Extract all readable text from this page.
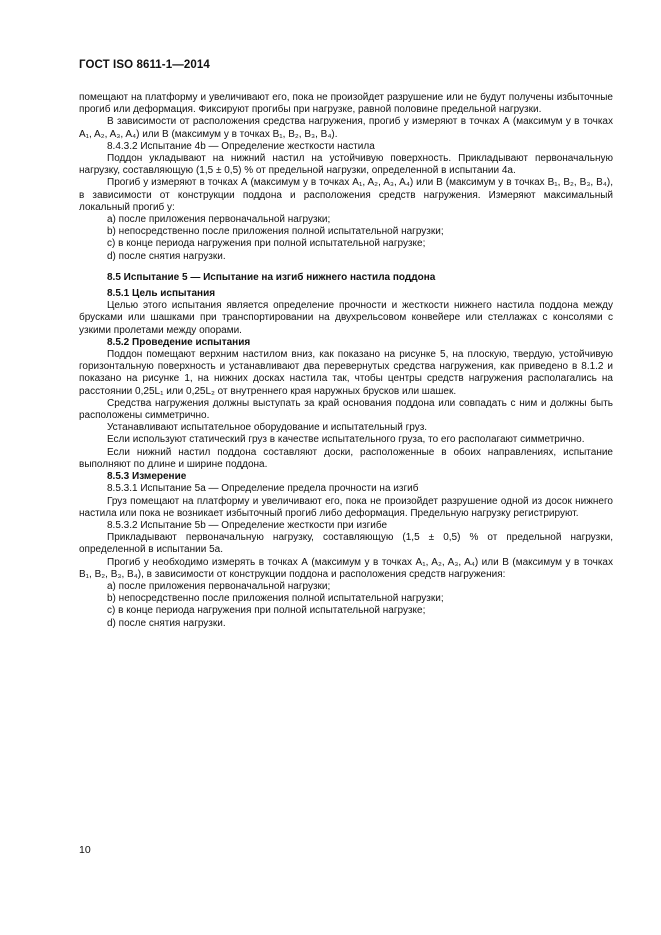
ГОСТ ISO 8611-1—2014

помещают на платформу и увеличивают его, пока не произойдет разрушение или не будут получены избыточные прогиб или деформация. Фиксируют прогибы при нагрузке, равной половине предельной нагрузки.

В зависимости от расположения средства нагружения, прогиб y измеряют в точках А (максимум y в точках A₁, A₂, A₃, A₄) или В (максимум y в точках B₁, B₂, B₃, B₄).

8.4.3.2 Испытание 4b — Определение жесткости настила

Поддон укладывают на нижний настил на устойчивую поверхность. Прикладывают первоначальную нагрузку, составляющую (1,5 ± 0,5) % от предельной нагрузки, определенной в испытании 4а.

Прогиб y измеряют в точках А (максимум y в точках A₁, A₂, A₃, A₄) или В (максимум y в точках B₁, B₂, B₃, B₄), в зависимости от конструкции поддона и расположения средств нагружения. Измеряют максимальный локальный прогиб y:

a) после приложения первоначальной нагрузки;

b) непосредственно после приложения полной испытательной нагрузки;

c) в конце периода нагружения при полной испытательной нагрузке;

d) после снятия нагрузки.

8.5 Испытание 5 — Испытание на изгиб нижнего настила поддона

8.5.1 Цель испытания

Целью этого испытания является определение прочности и жесткости нижнего настила поддона между брусками или шашками при транспортировании на двухрельсовом конвейере или стеллажах с консолями с узкими пролетами между опорами.

8.5.2 Проведение испытания

Поддон помещают верхним настилом вниз, как показано на рисунке 5, на плоскую, твердую, устойчивую горизонтальную поверхность и устанавливают два перевернутых средства нагружения, как приведено в 8.1.2 и показано на рисунке 1, на нижних досках настила так, чтобы центры средств нагружения располагались на расстоянии 0,25L₁ или 0,25L₂ от внутреннего края наружных брусков или шашек.

Средства нагружения должны выступать за край основания поддона или совпадать с ним и должны быть расположены симметрично.

Устанавливают испытательное оборудование и испытательный груз.

Если используют статический груз в качестве испытательного груза, то его располагают симметрично.

Если нижний настил поддона составляют доски, расположенные в обоих направлениях, испытание выполняют по длине и ширине поддона.

8.5.3 Измерение

8.5.3.1 Испытание 5а — Определение предела прочности на изгиб

Груз помещают на платформу и увеличивают его, пока не произойдет разрушение одной из досок нижнего настила или пока не возникает избыточный прогиб либо деформация. Предельную нагрузку регистрируют.

8.5.3.2 Испытание 5b — Определение жесткости при изгибе

Прикладывают первоначальную нагрузку, составляющую (1,5 ± 0,5) % от предельной нагрузки, определенной в испытании 5а.

Прогиб y необходимо измерять в точках А (максимум y в точках A₁, A₂, A₃, A₄) или В (максимум y в точках B₁, B₂, B₃, B₄), в зависимости от конструкции поддона и расположения средств нагружения:

a) после приложения первоначальной нагрузки;

b) непосредственно после приложения полной испытательной нагрузки;

c) в конце периода нагружения при полной испытательной нагрузке;

d) после снятия нагрузки.

10
